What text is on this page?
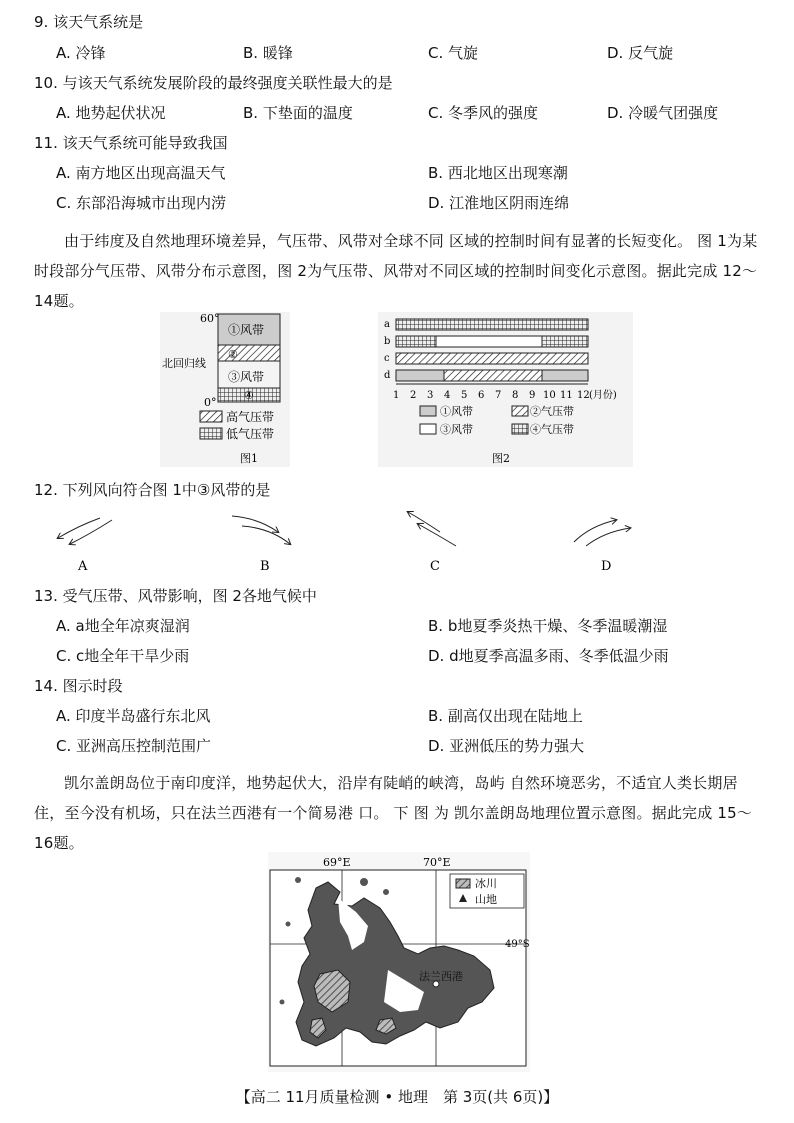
9. 该天气系统是
A. 冷锋	B. 暖锋	C. 气旋	D. 反气旋
10. 与该天气系统发展阶段的最终强度关联性最大的是
A. 地势起伏状况	B. 下垫面的温度	C. 冬季风的强度	D. 冷暖气团强度
11. 该天气系统可能导致我国
A. 南方地区出现高温天气	B. 西北地区出现寒潮
C. 东部沿海城市出现内涝	D. 江淮地区阴雨连绵
由于纬度及自然地理环境差异，气压带、风带对全球不同 区域的控制时间有显著的长短变化。 图 1为某时段部分气压带、风带分布示意图，图 2为气压带、风带对不同区域的控制时间变化示意图。据此完成 12～14题。
60°
0°
北回归线
①风带
②
③风带
④
高气压带
低气压带
图1
a
b
c
d
1 2 3 4 5 6 7 8 9 10 11 12 (月份)
①风带	②气压带
③风带	④气压带
图2
12. 下列风向符合图 1中③风带的是
A	B	C	D
13. 受气压带、风带影响，图 2各地气候中
A. a地全年凉爽湿润	B. b地夏季炎热干燥、冬季温暖潮湿
C. c地全年干旱少雨	D. d地夏季高温多雨、冬季低温少雨
14. 图示时段
A. 印度半岛盛行东北风	B. 副高仅出现在陆地上
C. 亚洲高压控制范围广	D. 亚洲低压的势力强大
凯尔盖朗岛位于南印度洋，地势起伏大，沿岸有陡峭的峡湾，岛屿 自然环境恶劣，不适宜人类长期居住，至今没有机场，只在法兰西港有一个简易港 口。 下 图 为 凯尔盖朗岛地理位置示意图。据此完成 15～16题。
69°E	70°E
49°S
法兰西港
冰川
山地
【高二 11月质量检测 • 地理　第 3页(共 6页)】
